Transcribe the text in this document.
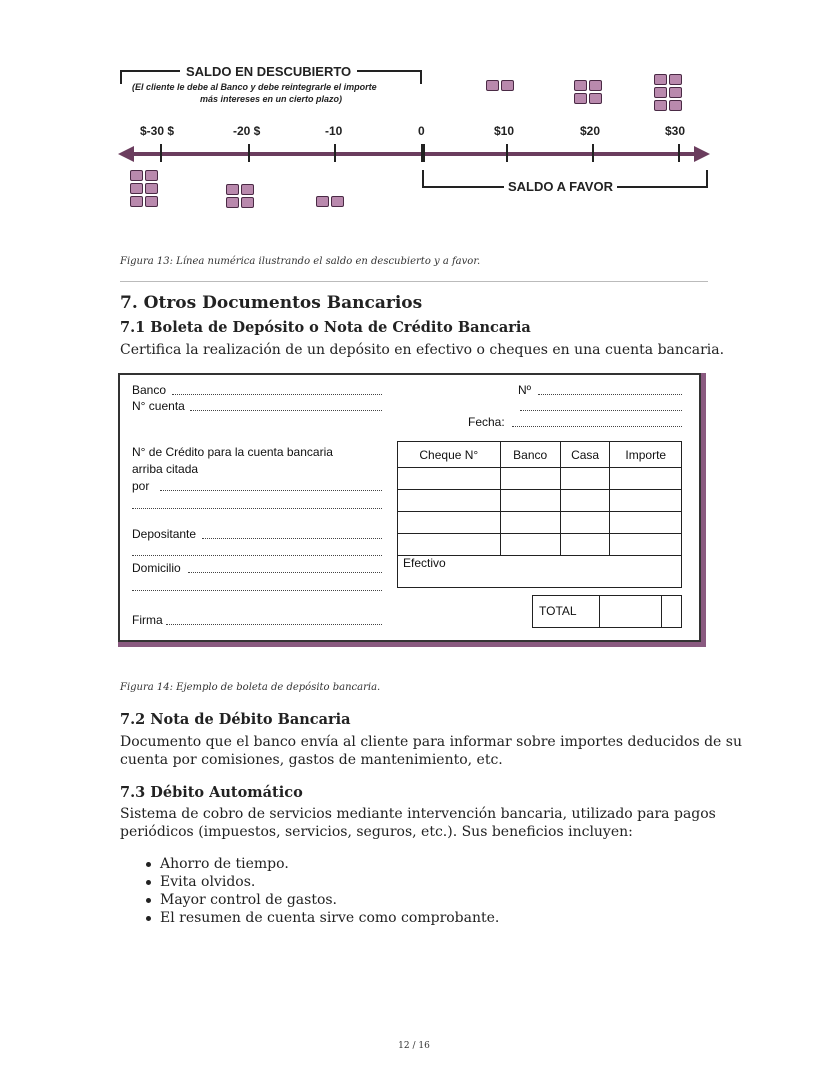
SALDO EN DESCUBIERTO
(El cliente le debe al Banco y debe reintegrarle el importe
más intereses en un cierto plazo)
$-30 $	-20 $	-10	0	$10	$20	$30
SALDO A FAVOR
Figura 13: Línea numérica ilustrando el saldo en descubierto y a favor.
7. Otros Documentos Bancarios
7.1 Boleta de Depósito o Nota de Crédito Bancaria
Certifica la realización de un depósito en efectivo o cheques en una cuenta bancaria.
Banco
N° cuenta
Nº
Fecha:
N° de Crédito para la cuenta bancaria
arriba citada
por
Depositante
Domicilio
Firma
Cheque N°	Banco	Casa	Importe

Efectivo			
TOTAL
Figura 14: Ejemplo de boleta de depósito bancaria.
7.2 Nota de Débito Bancaria
Documento que el banco envía al cliente para informar sobre importes deducidos de su
cuenta por comisiones, gastos de mantenimiento, etc.
7.3 Débito Automático
Sistema de cobro de servicios mediante intervención bancaria, utilizado para pagos
periódicos (impuestos, servicios, seguros, etc.). Sus beneficios incluyen:
Ahorro de tiempo.
Evita olvidos.
Mayor control de gastos.
El resumen de cuenta sirve como comprobante.
12 / 16
